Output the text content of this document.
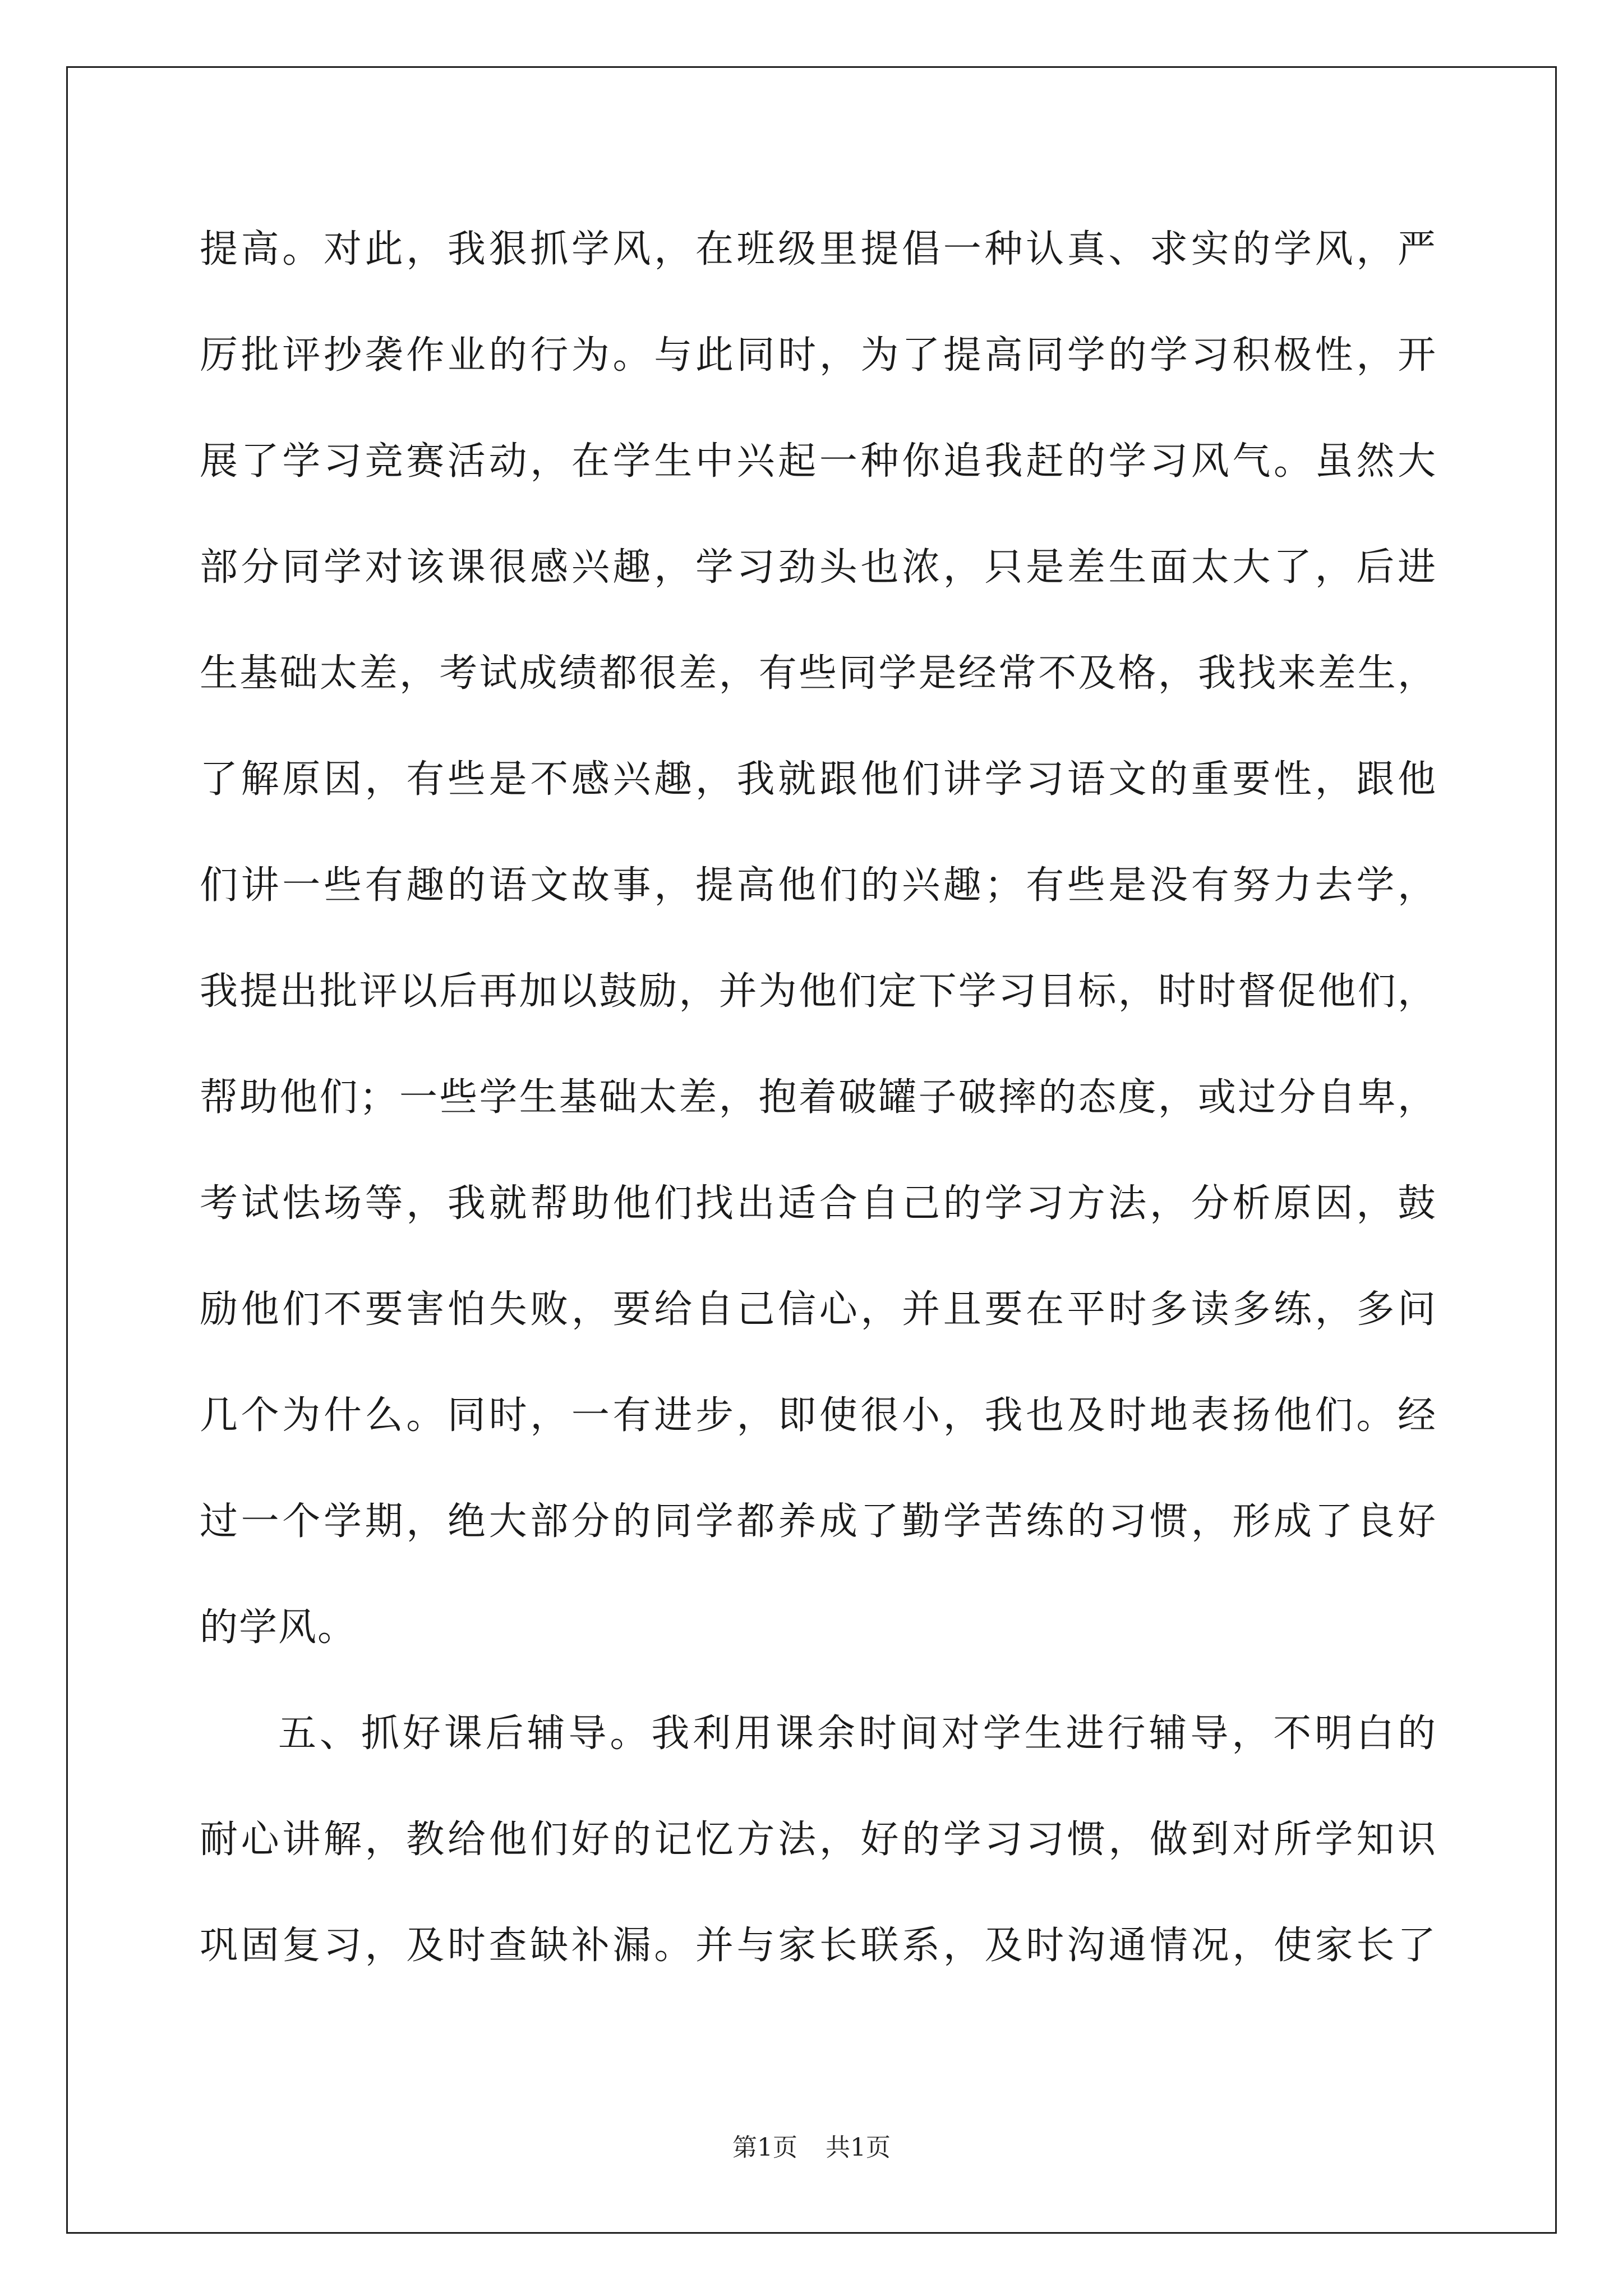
提高。对此，我狠抓学风，在班级里提倡一种认真、求实的学风，严
厉批评抄袭作业的行为。与此同时，为了提高同学的学习积极性，开
展了学习竞赛活动，在学生中兴起一种你追我赶的学习风气。虽然大
部分同学对该课很感兴趣，学习劲头也浓，只是差生面太大了，后进
生基础太差，考试成绩都很差，有些同学是经常不及格，我找来差生，
了解原因，有些是不感兴趣，我就跟他们讲学习语文的重要性，跟他
们讲一些有趣的语文故事，提高他们的兴趣；有些是没有努力去学，
我提出批评以后再加以鼓励，并为他们定下学习目标，时时督促他们，
帮助他们；一些学生基础太差，抱着破罐子破摔的态度，或过分自卑，
考试怯场等，我就帮助他们找出适合自己的学习方法，分析原因，鼓
励他们不要害怕失败，要给自己信心，并且要在平时多读多练，多问
几个为什么。同时，一有进步，即使很小，我也及时地表扬他们。经
过一个学期，绝大部分的同学都养成了勤学苦练的习惯，形成了良好
的学风。
五、抓好课后辅导。我利用课余时间对学生进行辅导，不明白的
耐心讲解，教给他们好的记忆方法，好的学习习惯，做到对所学知识
巩固复习，及时查缺补漏。并与家长联系，及时沟通情况，使家长了
第1页 共1页
